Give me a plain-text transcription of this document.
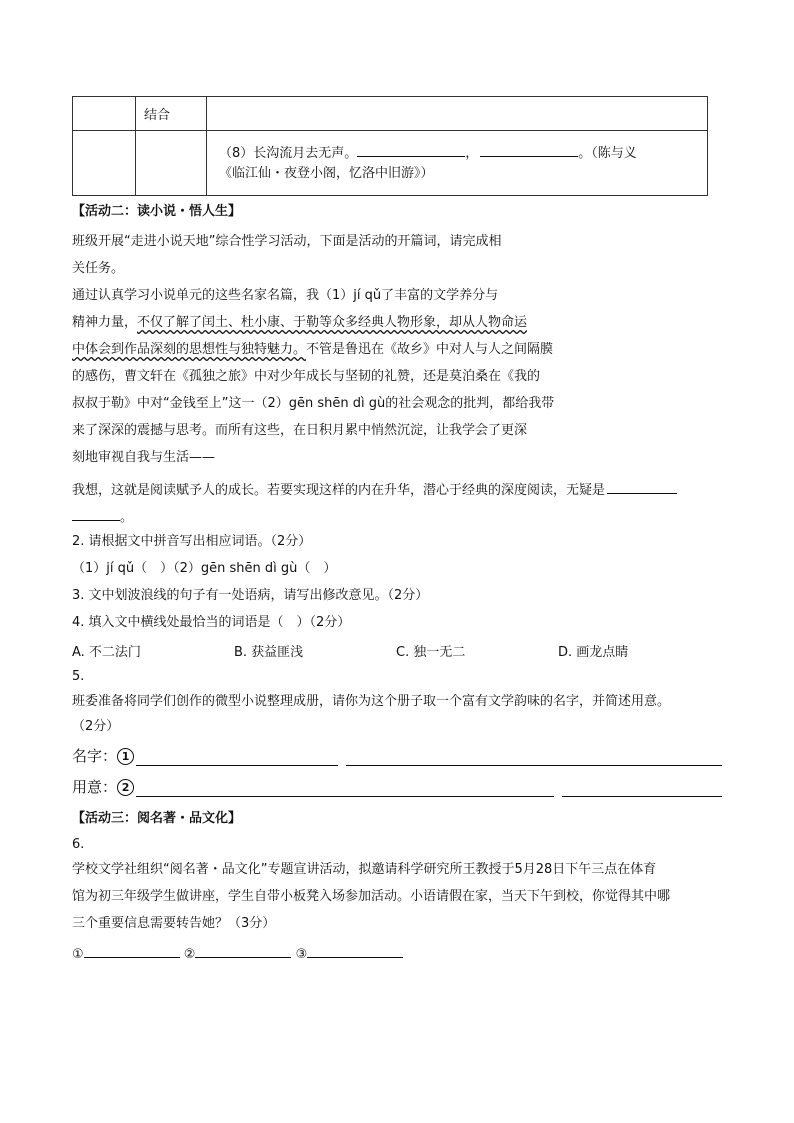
	结合	
		（8）长沟流月去无声。 ， 。（陈与义
《临江仙・夜登小阁，忆洛中旧游》）
【活动二：读小说・悟人生】
班级开展“走进小说天地”综合性学习活动，下面是活动的开篇词，请完成相
关任务。
通过认真学习小说单元的这些名家名篇，我（1）jí qǔ了丰富的文学养分与
精神力量，不仅了解了闰土、杜小康、于勒等众多经典人物形象，却从人物命运
中体会到作品深刻的思想性与独特魅力。不管是鲁迅在《故乡》中对人与人之间隔膜
的感伤，曹文轩在《孤独之旅》中对少年成长与坚韧的礼赞，还是莫泊桑在《我的
叔叔于勒》中对“金钱至上”这一（2）gēn shēn dì gù的社会观念的批判，都给我带
来了深深的震撼与思考。而所有这些，在日积月累中悄然沉淀，让我学会了更深
刻地审视自我与生活——
我想，这就是阅读赋予人的成长。若要实现这样的内在升华，潜心于经典的深度阅读，无疑是
。
2. 请根据文中拼音写出相应词语。（2分）
（1）jí qǔ（　）（2）gēn shēn dì gù（　）
3. 文中划波浪线的句子有一处语病，请写出修改意见。（2分）
4. 填入文中横线处最恰当的词语是（　）（2分）
A. 不二法门	B. 获益匪浅	C. 独一无二	D. 画龙点睛
5.
班委准备将同学们创作的微型小说整理成册，请你为这个册子取一个富有文学韵味的名字，并简述用意。
（2分）
名字： 1
用意： 2
【活动三：阅名著・品文化】
6.
学校文学社组织“阅名著・品文化”专题宣讲活动，拟邀请科学研究所王教授于5月28日下午三点在体育
馆为初三年级学生做讲座，学生自带小板凳入场参加活动。小语请假在家，当天下午到校，你觉得其中哪
三个重要信息需要转告她？（3分）
①	②	③
